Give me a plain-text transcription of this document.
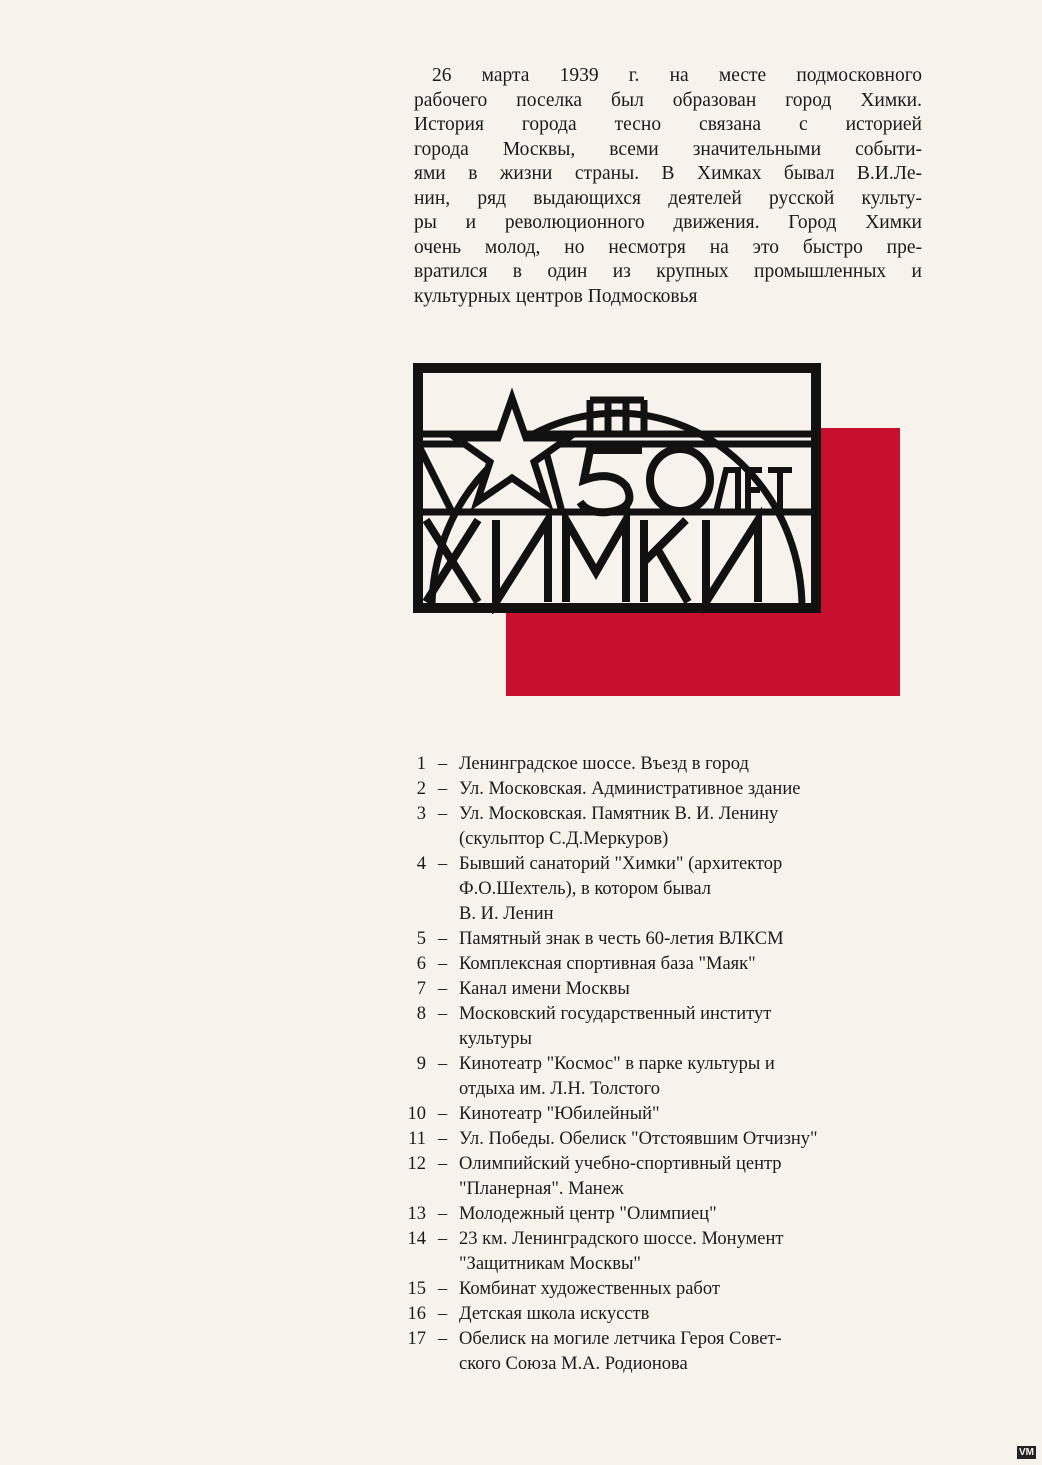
26 марта 1939 г. на месте подмосковного
рабочего поселка был образован город Химки.
История города тесно связана с историей
города Москвы, всеми значительными событи-
ями в жизни страны. В Химках бывал В.И.Ле-
нин, ряд выдающихся деятелей русской культу-
ры и революционного движения. Город Химки
очень молод, но несмотря на это быстро пре-
вратился в один из крупных промышленных и
культурных центров Подмосковья
1 – Ленинградское шоссе. Въезд в город
2 – Ул. Московская. Административное здание
3 – Ул. Московская. Памятник В. И. Ленину
(скульптор С.Д.Меркуров)
4 – Бывший санаторий "Химки" (архитектор
Ф.О.Шехтель), в котором бывал
В. И. Ленин
5 – Памятный знак в честь 60-летия ВЛКСМ
6 – Комплексная спортивная база "Маяк"
7 – Канал имени Москвы
8 – Московский государственный институт
культуры
9 – Кинотеатр "Космос" в парке культуры и
отдыха им. Л.Н. Толстого
10 – Кинотеатр "Юбилейный"
11 – Ул. Победы. Обелиск "Отстоявшим Отчизну"
12 – Олимпийский учебно-спортивный центр
"Планерная". Манеж
13 – Молодежный центр "Олимпиец"
14 – 23 км. Ленинградского шоссе. Монумент
"Защитникам Москвы"
15 – Комбинат художественных работ
16 – Детская школа искусств
17 – Обелиск на могиле летчика Героя Совет-
ского Союза М.А. Родионова
VM
